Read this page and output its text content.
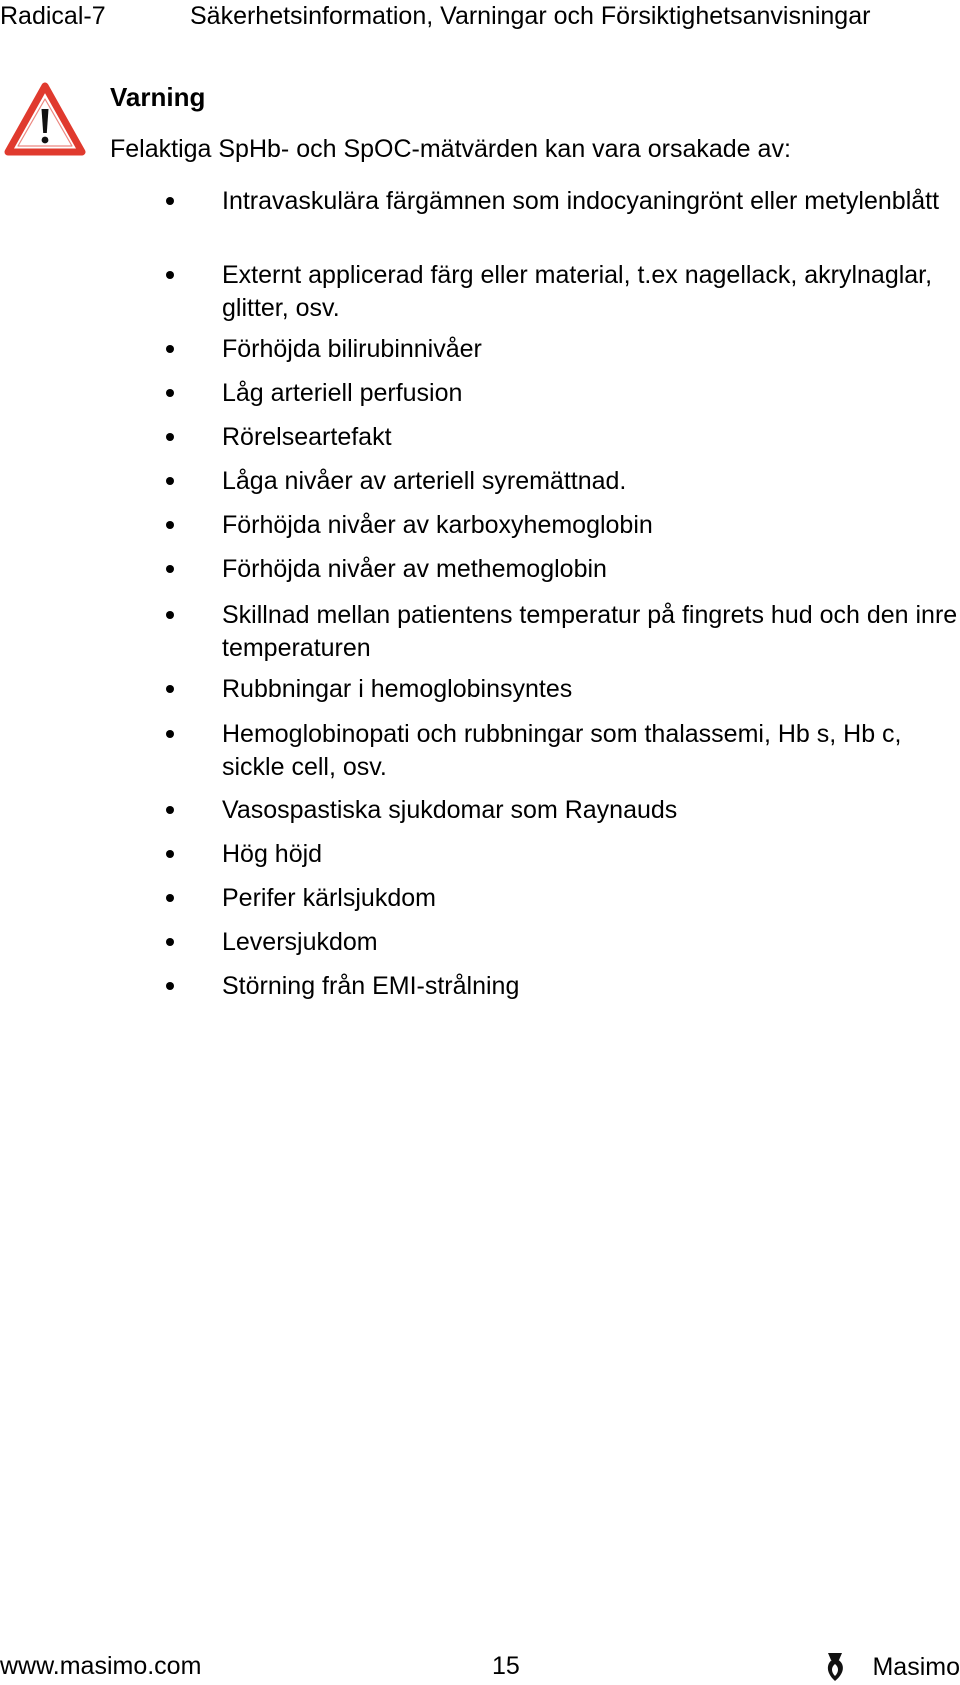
Radical-7	Säkerhetsinformation, Varningar och Försiktighetsanvisningar
Varning
Felaktiga SpHb- och SpOC-mätvärden kan vara orsakade av:
Intravaskulära färgämnen som indocyaningrönt eller metylenblått
Externt applicerad färg eller material, t.ex nagellack, akrylnaglar, glitter, osv.
Förhöjda bilirubinnivåer
Låg arteriell perfusion
Rörelseartefakt
Låga nivåer av arteriell syremättnad.
Förhöjda nivåer av karboxyhemoglobin
Förhöjda nivåer av methemoglobin
Skillnad mellan patientens temperatur på fingrets hud och den inre temperaturen
Rubbningar i hemoglobinsyntes
Hemoglobinopati och rubbningar som thalassemi, Hb s, Hb c, sickle cell, osv.
Vasospastiska sjukdomar som Raynauds
Hög höjd
Perifer kärlsjukdom
Leversjukdom
Störning från EMI-strålning
www.masimo.com	15	Masimo
